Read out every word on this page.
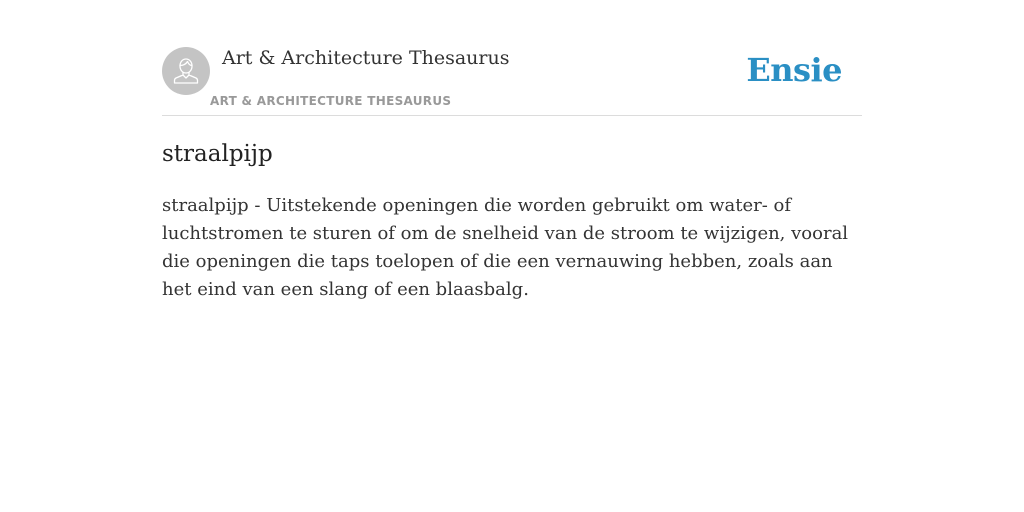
Art & Architecture Thesaurus
ART & ARCHITECTURE THESAURUS
Ensie
straalpijp

straalpijp - Uitstekende openingen die worden gebruikt om water- of luchtstromen te sturen of om de snelheid van de stroom te wijzigen, vooral die openingen die taps toelopen of die een vernauwing hebben, zoals aan het eind van een slang of een blaasbalg.
